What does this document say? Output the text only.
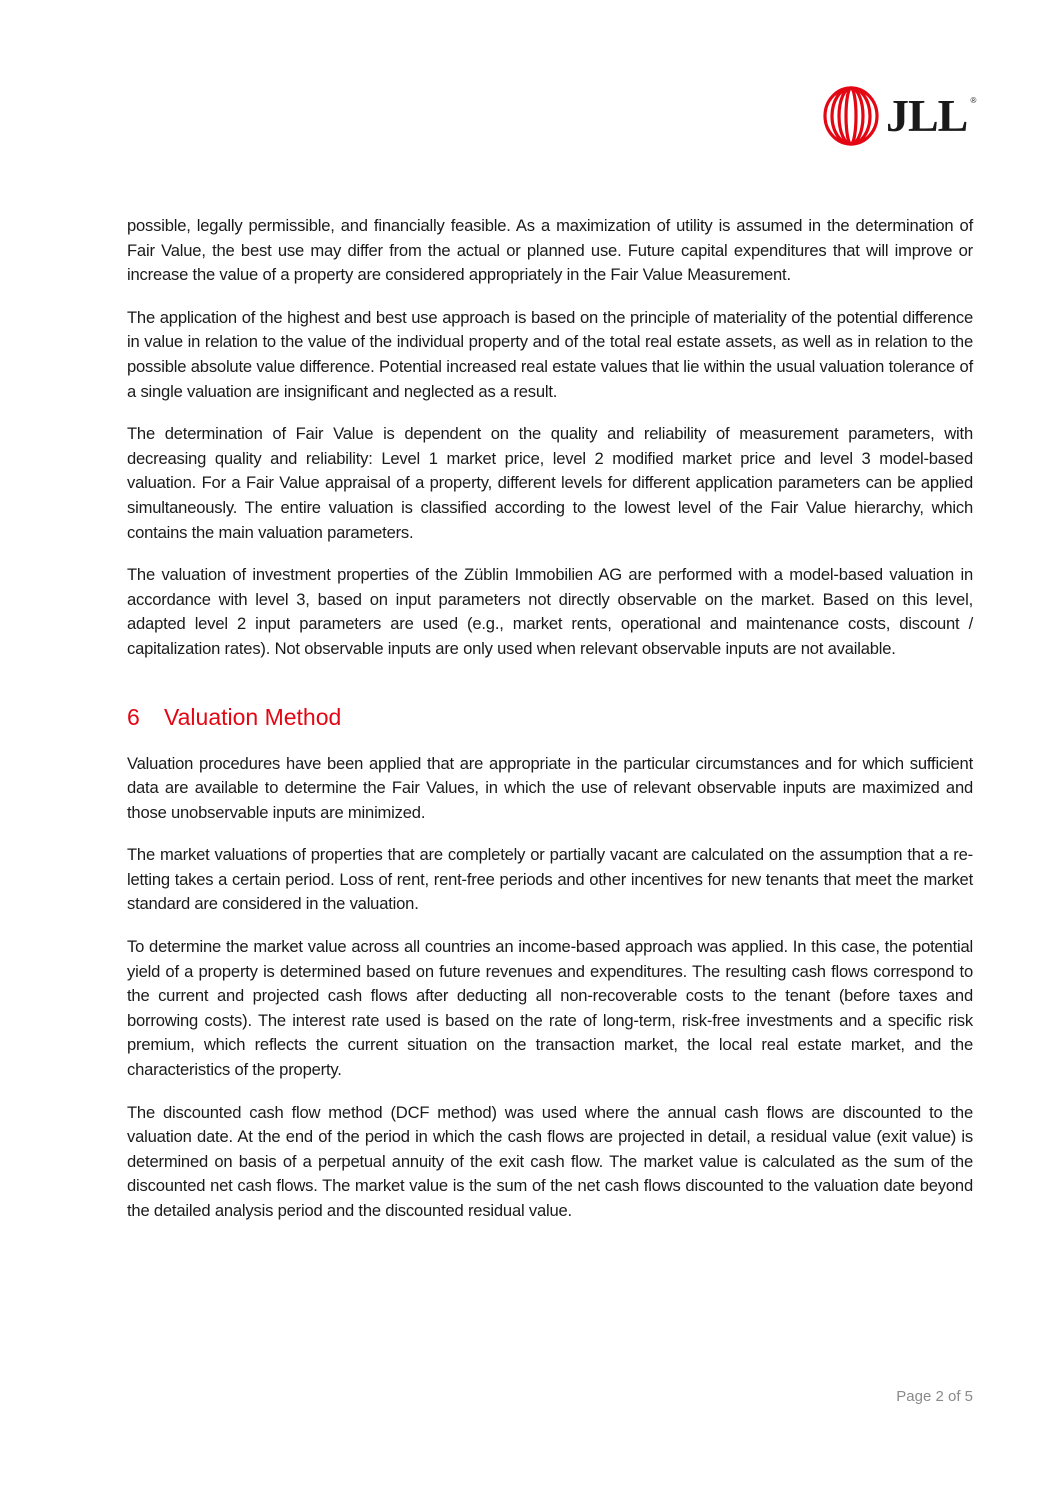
JLL ®

possible, legally permissible, and financially feasible. As a maximization of utility is assumed in the determination of Fair Value, the best use may differ from the actual or planned use. Future capital expenditures that will improve or increase the value of a property are considered appropriately in the Fair Value Measurement.

The application of the highest and best use approach is based on the principle of materiality of the potential difference in value in relation to the value of the individual property and of the total real estate assets, as well as in relation to the possible absolute value difference. Potential increased real estate values that lie within the usual valuation tolerance of a single valuation are insignificant and neglected as a result.

The determination of Fair Value is dependent on the quality and reliability of measurement parameters, with decreasing quality and reliability: Level 1 market price, level 2 modified market price and level 3 model-based valuation. For a Fair Value appraisal of a property, different levels for different application parameters can be applied simultaneously. The entire valuation is classified according to the lowest level of the Fair Value hierarchy, which contains the main valuation parameters.

The valuation of investment properties of the Züblin Immobilien AG are performed with a model-based valuation in accordance with level 3, based on input parameters not directly observable on the market. Based on this level, adapted level 2 input parameters are used (e.g., market rents, operational and maintenance costs, discount / capitalization rates). Not observable inputs are only used when relevant observable inputs are not available.

6	Valuation Method

Valuation procedures have been applied that are appropriate in the particular circumstances and for which sufficient data are available to determine the Fair Values, in which the use of relevant observable inputs are maximized and those unobservable inputs are minimized.

The market valuations of properties that are completely or partially vacant are calculated on the assumption that a re-letting takes a certain period. Loss of rent, rent-free periods and other incentives for new tenants that meet the market standard are considered in the valuation.

To determine the market value across all countries an income-based approach was applied. In this case, the potential yield of a property is determined based on future revenues and expenditures. The resulting cash flows correspond to the current and projected cash flows after deducting all non-recoverable costs to the tenant (before taxes and borrowing costs). The interest rate used is based on the rate of long-term, risk-free investments and a specific risk premium, which reflects the current situation on the transaction market, the local real estate market, and the characteristics of the property.

The discounted cash flow method (DCF method) was used where the annual cash flows are discounted to the valuation date. At the end of the period in which the cash flows are projected in detail, a residual value (exit value) is determined on basis of a perpetual annuity of the exit cash flow. The market value is calculated as the sum of the discounted net cash flows. The market value is the sum of the net cash flows discounted to the valuation date beyond the detailed analysis period and the discounted residual value.

Page 2 of 5
